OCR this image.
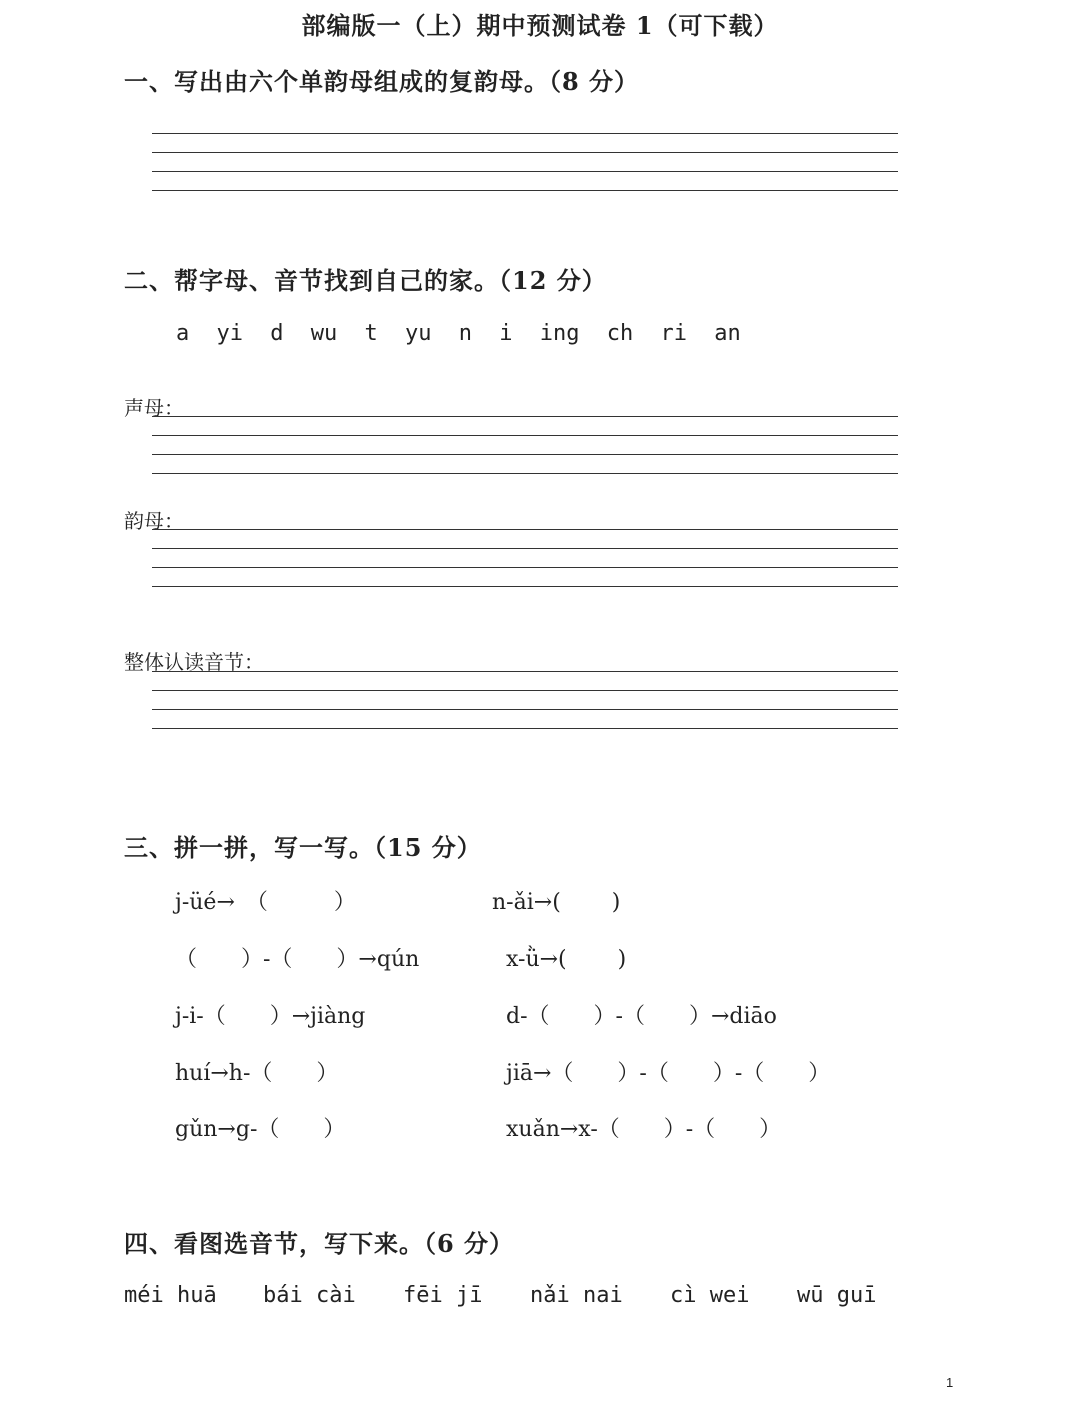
部编版一（上）期中预测试卷 1（可下载）
一、写出由六个单韵母组成的复韵母。（8 分）
二、帮字母、音节找到自己的家。（12 分）
a yi d wu t yu n i ing ch ri an
声母：
韵母：
整体认读音节：
三、拼一拼，写一写。（15 分）
j-üé→　（　　　）
（　　）-（　　）→qún
j-i-（　　）→jiàng
huí→h-（　　）
gǔn→g-（　　）
n-ǎi→(　　 )
x-ǜ→(　　 )
d-（　　）-（　　）→diāo
jiā→（　　）-（　　）-（　　）
xuǎn→x-（　　）-（　　）
四、看图选音节，写下来。（6 分）
méi huā bái cài fēi jī nǎi nai cì wei wū guī
1
